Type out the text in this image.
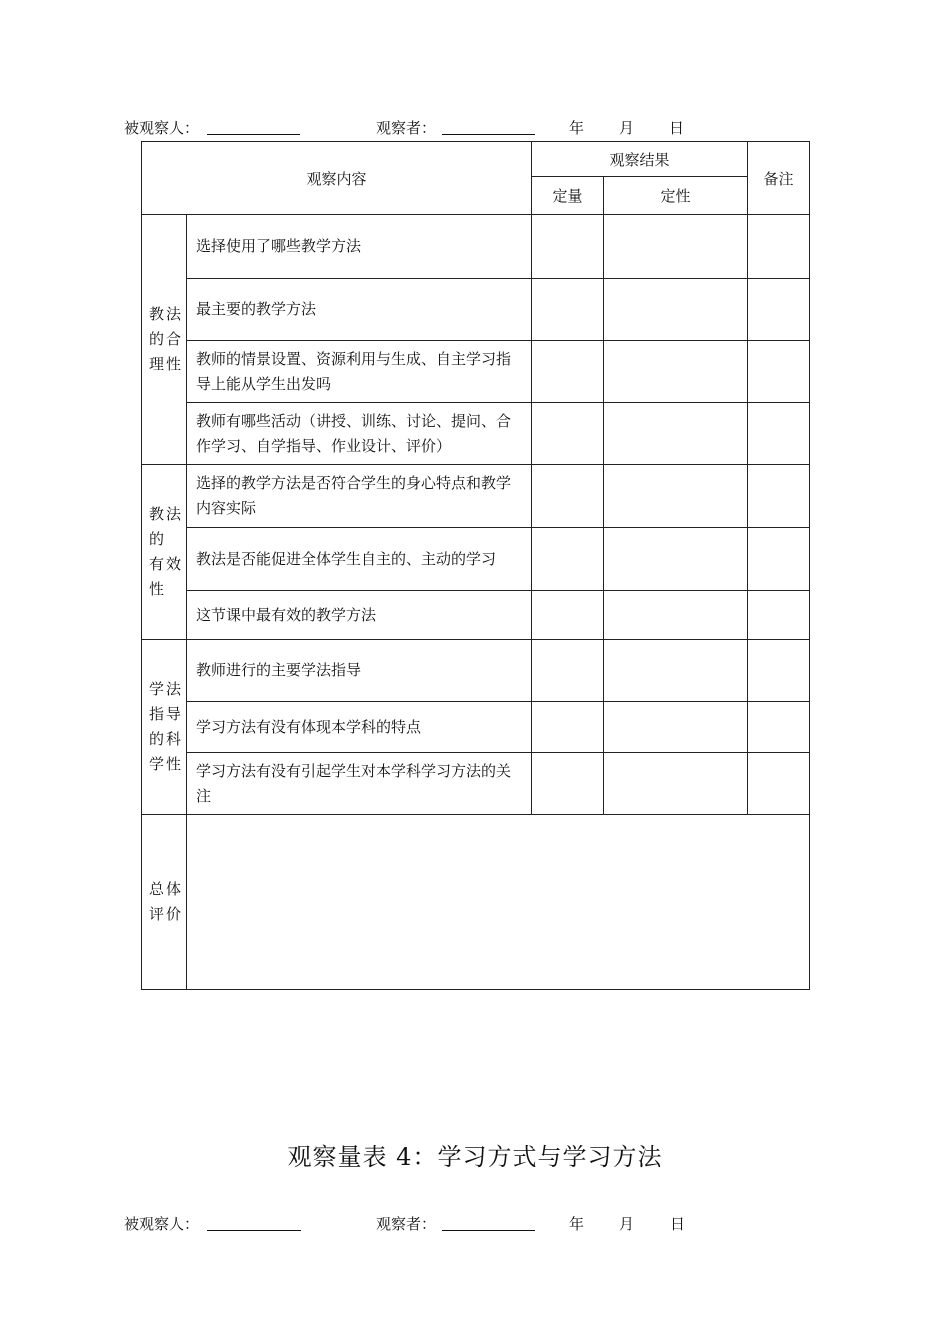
被观察人：	观察者：	年 月 日
观察内容		观察结果		备注
		定量	定性	

教法
的合
理性	选择使用了哪些教学方法			
	最主要的教学方法			
	教师的情景设置、资源利用与生成、自主学习指导上能从学生出发吗			
	教师有哪些活动（讲授、训练、讨论、提问、合作学习、自学指导、作业设计、评价）			

教法
的
有效
性	选择的教学方法是否符合学生的身心特点和教学内容实际			
	教法是否能促进全体学生自主的、主动的学习			
	这节课中最有效的教学方法			

学法
指导
的科
学性	教师进行的主要学法指导			
	学习方法有没有体现本学科的特点			
	学习方法有没有引起学生对本学科学习方法的关注			

总体
评价				

观察量表 4：学习方式与学习方法
被观察人：	观察者：	年 月 日
